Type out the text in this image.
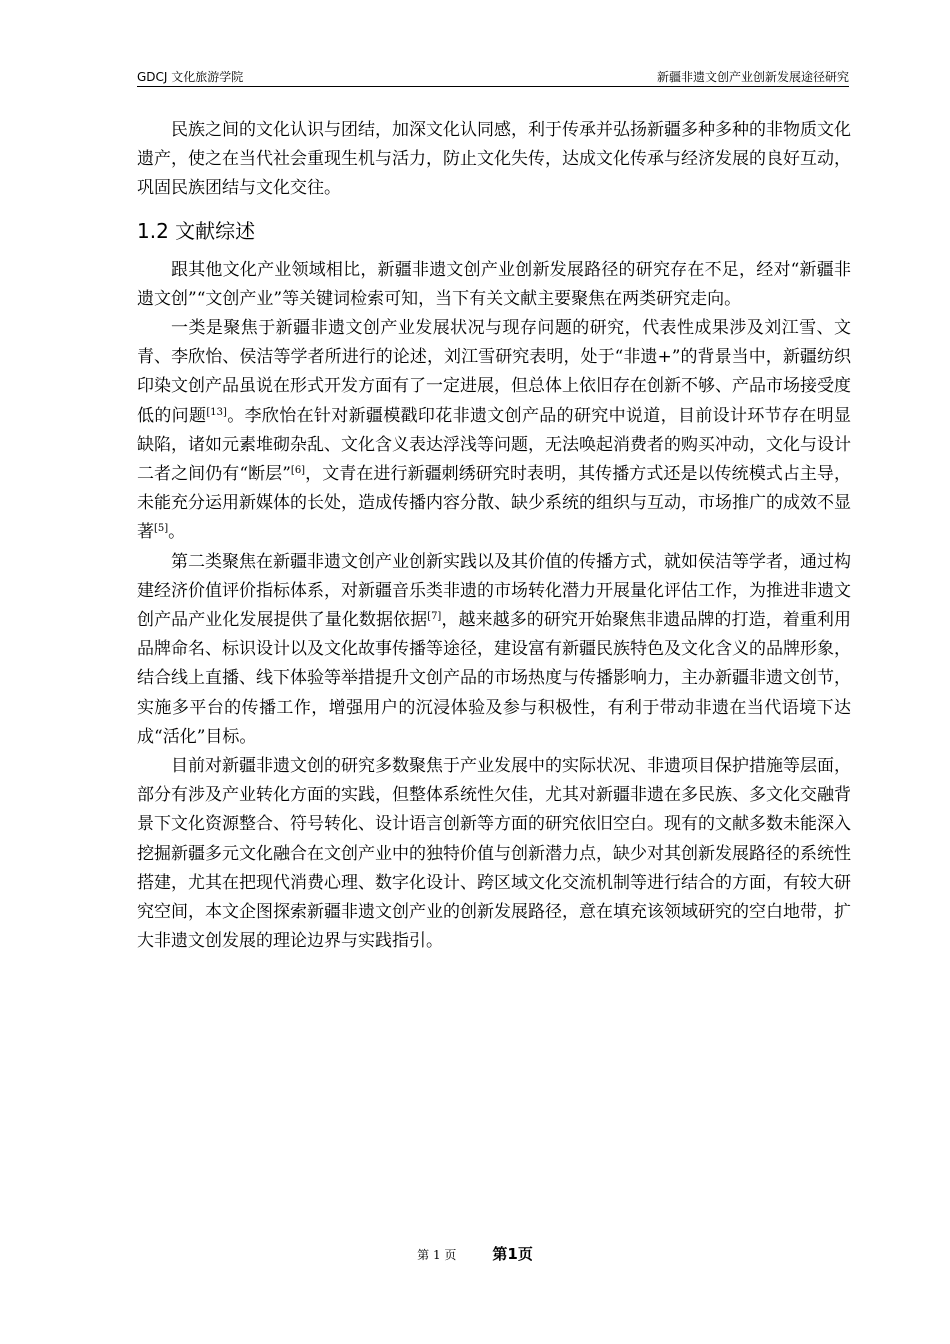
GDCJ 文化旅游学院	新疆非遗文创产业创新发展途径研究

民族之间的文化认识与团结，加深文化认同感，利于传承并弘扬新疆多种多种的非物质文化遗产，使之在当代社会重现生机与活力，防止文化失传，达成文化传承与经济发展的良好互动，巩固民族团结与文化交往。

1.2 文献综述

跟其他文化产业领域相比，新疆非遗文创产业创新发展路径的研究存在不足，经对“新疆非遗文创”“文创产业”等关键词检索可知，当下有关文献主要聚焦在两类研究走向。

一类是聚焦于新疆非遗文创产业发展状况与现存问题的研究，代表性成果涉及刘江雪、文青、李欣怡、侯洁等学者所进行的论述，刘江雪研究表明，处于“非遗+”的背景当中，新疆纺织印染文创产品虽说在形式开发方面有了一定进展，但总体上依旧存在创新不够、产品市场接受度低的问题[13]。李欣怡在针对新疆模戳印花非遗文创产品的研究中说道，目前设计环节存在明显缺陷，诸如元素堆砌杂乱、文化含义表达浮浅等问题，无法唤起消费者的购买冲动，文化与设计二者之间仍有“断层”[6]，文青在进行新疆刺绣研究时表明，其传播方式还是以传统模式占主导，未能充分运用新媒体的长处，造成传播内容分散、缺少系统的组织与互动，市场推广的成效不显著[5]。

第二类聚焦在新疆非遗文创产业创新实践以及其价值的传播方式，就如侯洁等学者，通过构建经济价值评价指标体系，对新疆音乐类非遗的市场转化潜力开展量化评估工作，为推进非遗文创产品产业化发展提供了量化数据依据[7]，越来越多的研究开始聚焦非遗品牌的打造，着重利用品牌命名、标识设计以及文化故事传播等途径，建设富有新疆民族特色及文化含义的品牌形象，结合线上直播、线下体验等举措提升文创产品的市场热度与传播影响力，主办新疆非遗文创节，实施多平台的传播工作，增强用户的沉浸体验及参与积极性，有利于带动非遗在当代语境下达成“活化”目标。

目前对新疆非遗文创的研究多数聚焦于产业发展中的实际状况、非遗项目保护措施等层面，部分有涉及产业转化方面的实践，但整体系统性欠佳，尤其对新疆非遗在多民族、多文化交融背景下文化资源整合、符号转化、设计语言创新等方面的研究依旧空白。现有的文献多数未能深入挖掘新疆多元文化融合在文创产业中的独特价值与创新潜力点，缺少对其创新发展路径的系统性搭建，尤其在把现代消费心理、数字化设计、跨区域文化交流机制等进行结合的方面，有较大研究空间，本文企图探索新疆非遗文创产业的创新发展路径，意在填充该领域研究的空白地带，扩大非遗文创发展的理论边界与实践指引。

第 1 页 第1页
